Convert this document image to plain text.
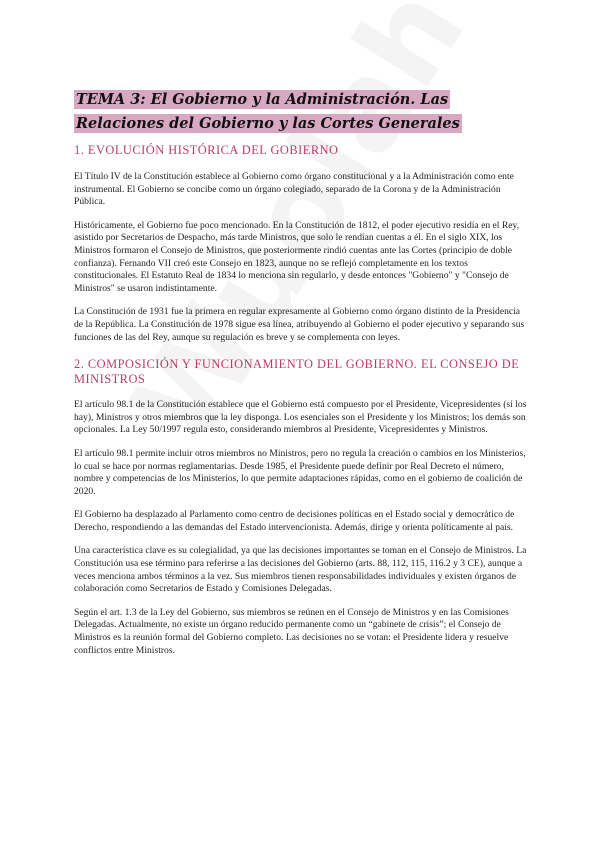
TEMA 3: El Gobierno y la Administración. Las Relaciones del Gobierno y las Cortes Generales
1. EVOLUCIÓN HISTÓRICA DEL GOBIERNO

El Título IV de la Constitución establece al Gobierno como órgano constitucional y a la Administración como ente instrumental. El Gobierno se concibe como un órgano colegiado, separado de la Corona y de la Administración Pública.

Históricamente, el Gobierno fue poco mencionado. En la Constitución de 1812, el poder ejecutivo residía en el Rey, asistido por Secretarios de Despacho, más tarde Ministros, que solo le rendían cuentas a él. En el siglo XIX, los Ministros formaron el Consejo de Ministros, que posteriormente rindió cuentas ante las Cortes (principio de doble confianza). Fernando VII creó este Consejo en 1823, aunque no se reflejó completamente en los textos constitucionales. El Estatuto Real de 1834 lo menciona sin regularlo, y desde entonces "Gobierno" y "Consejo de Ministros" se usaron indistintamente.

La Constitución de 1931 fue la primera en regular expresamente al Gobierno como órgano distinto de la Presidencia de la República. La Constitución de 1978 sigue esa línea, atribuyendo al Gobierno el poder ejecutivo y separando sus funciones de las del Rey, aunque su regulación es breve y se complementa con leyes.

2. COMPOSICIÓN Y FUNCIONAMIENTO DEL GOBIERNO. EL CONSEJO DE MINISTROS

El artículo 98.1 de la Constitución establece que el Gobierno está compuesto por el Presidente, Vicepresidentes (si los hay), Ministros y otros miembros que la ley disponga. Los esenciales son el Presidente y los Ministros; los demás son opcionales. La Ley 50/1997 regula esto, considerando miembros al Presidente, Vicepresidentes y Ministros.

El artículo 98.1 permite incluir otros miembros no Ministros, pero no regula la creación o cambios en los Ministerios, lo cual se hace por normas reglamentarias. Desde 1985, el Presidente puede definir por Real Decreto el número, nombre y competencias de los Ministerios, lo que permite adaptaciones rápidas, como en el gobierno de coalición de 2020.

El Gobierno ha desplazado al Parlamento como centro de decisiones políticas en el Estado social y democrático de Derecho, respondiendo a las demandas del Estado intervencionista. Además, dirige y orienta políticamente al país.

Una característica clave es su colegialidad, ya que las decisiones importantes se toman en el Consejo de Ministros. La Constitución usa ese término para referirse a las decisiones del Gobierno (arts. 88, 112, 115, 116.2 y 3 CE), aunque a veces menciona ambos términos a la vez. Sus miembros tienen responsabilidades individuales y existen órganos de colaboración como Secretarios de Estado y Comisiones Delegadas.

Según el art. 1.3 de la Ley del Gobierno, sus miembros se reúnen en el Consejo de Ministros y en las Comisiones Delegadas. Actualmente, no existe un órgano reducido permanente como un “gabinete de crisis”; el Consejo de Ministros es la reunión formal del Gobierno completo. Las decisiones no se votan: el Presidente lidera y resuelve conflictos entre Ministros.
